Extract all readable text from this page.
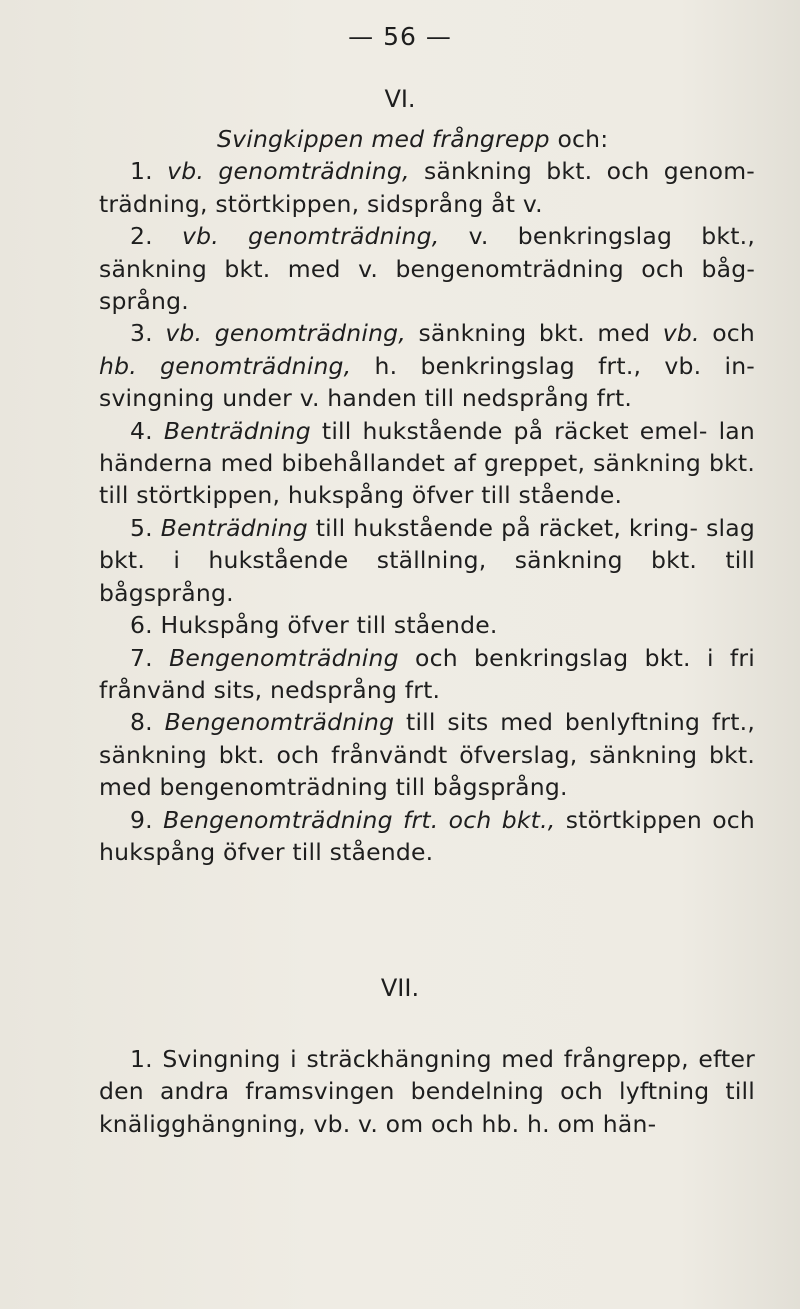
— 56 —
VI.

Svingkippen med frångrepp och:

1. vb. genomträdning, sänkning bkt. och genom- trädning, störtkippen, sidsprång åt v.

2. vb. genomträdning, v. benkringslag bkt., sänkning bkt. med v. bengenomträdning och båg- språng.

3. vb. genomträdning, sänkning bkt. med vb. och hb. genomträdning, h. benkringslag frt., vb. in- svingning under v. handen till nedsprång frt.

4. Benträdning till hukstående på räcket emel- lan händerna med bibehållandet af greppet, sänkning bkt. till störtkippen, hukspång öfver till stående.

5. Benträdning till hukstående på räcket, kring- slag bkt. i hukstående ställning, sänkning bkt. till bågsprång.

6. Hukspång öfver till stående.

7. Bengenomträdning och benkringslag bkt. i fri frånvänd sits, nedsprång frt.

8. Bengenomträdning till sits med benlyftning frt., sänkning bkt. och frånvändt öfverslag, sänkning bkt. med bengenomträdning till bågsprång.

9. Bengenomträdning frt. och bkt., störtkippen och hukspång öfver till stående.

VII.

1. Svingning i sträckhängning med frångrepp, efter den andra framsvingen bendelning och lyftning till knäligghängning, vb. v. om och hb. h. om hän-
